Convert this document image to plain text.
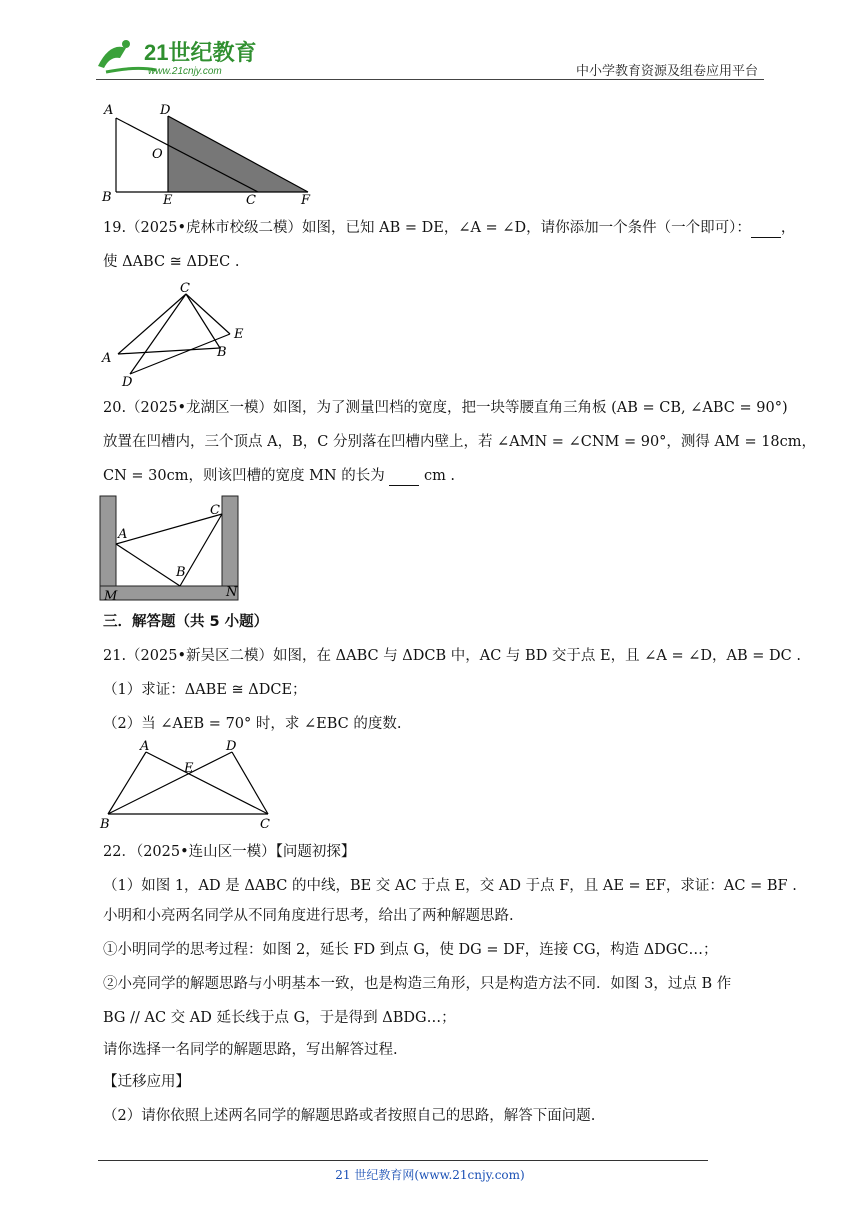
21世纪教育
www.21cnjy.com	中小学教育资源及组卷应用平台
A	D
O
B	E	C	F
19.（2025•虎林市校级二模）如图，已知 AB = DE，∠A = ∠D，请你添加一个条件（一个即可）： ，
使 ΔABC ≅ ΔDEC .
C
E
A	B
D
20.（2025•龙湖区一模）如图，为了测量凹档的宽度，把一块等腰直角三角板 (AB = CB, ∠ABC = 90°)
放置在凹槽内，三个顶点 A，B，C 分别落在凹槽内壁上，若 ∠AMN = ∠CNM = 90°，测得 AM = 18cm，
CN = 30cm，则该凹槽的宽度 MN 的长为	cm .
C
A
B
M	N
三．解答题（共 5 小题）
21.（2025•新吴区二模）如图，在 ΔABC 与 ΔDCB 中，AC 与 BD 交于点 E，且 ∠A = ∠D，AB = DC .
（1）求证：ΔABE ≅ ΔDCE；
（2）当 ∠AEB = 70° 时，求 ∠EBC 的度数.
A	D
E
B	C
22．（2025•连山区一模）【问题初探】
（1）如图 1，AD 是 ΔABC 的中线，BE 交 AC 于点 E，交 AD 于点 F，且 AE = EF，求证：AC = BF .
小明和小亮两名同学从不同角度进行思考，给出了两种解题思路.
①小明同学的思考过程：如图 2，延长 FD 到点 G，使 DG = DF，连接 CG，构造 ΔDGC…；
②小亮同学的解题思路与小明基本一致，也是构造三角形，只是构造方法不同．如图 3，过点 B 作
BG // AC 交 AD 延长线于点 G，于是得到 ΔBDG…；
请你选择一名同学的解题思路，写出解答过程.
【迁移应用】
（2）请你依照上述两名同学的解题思路或者按照自己的思路，解答下面问题.
21 世纪教育网(www.21cnjy.com)
